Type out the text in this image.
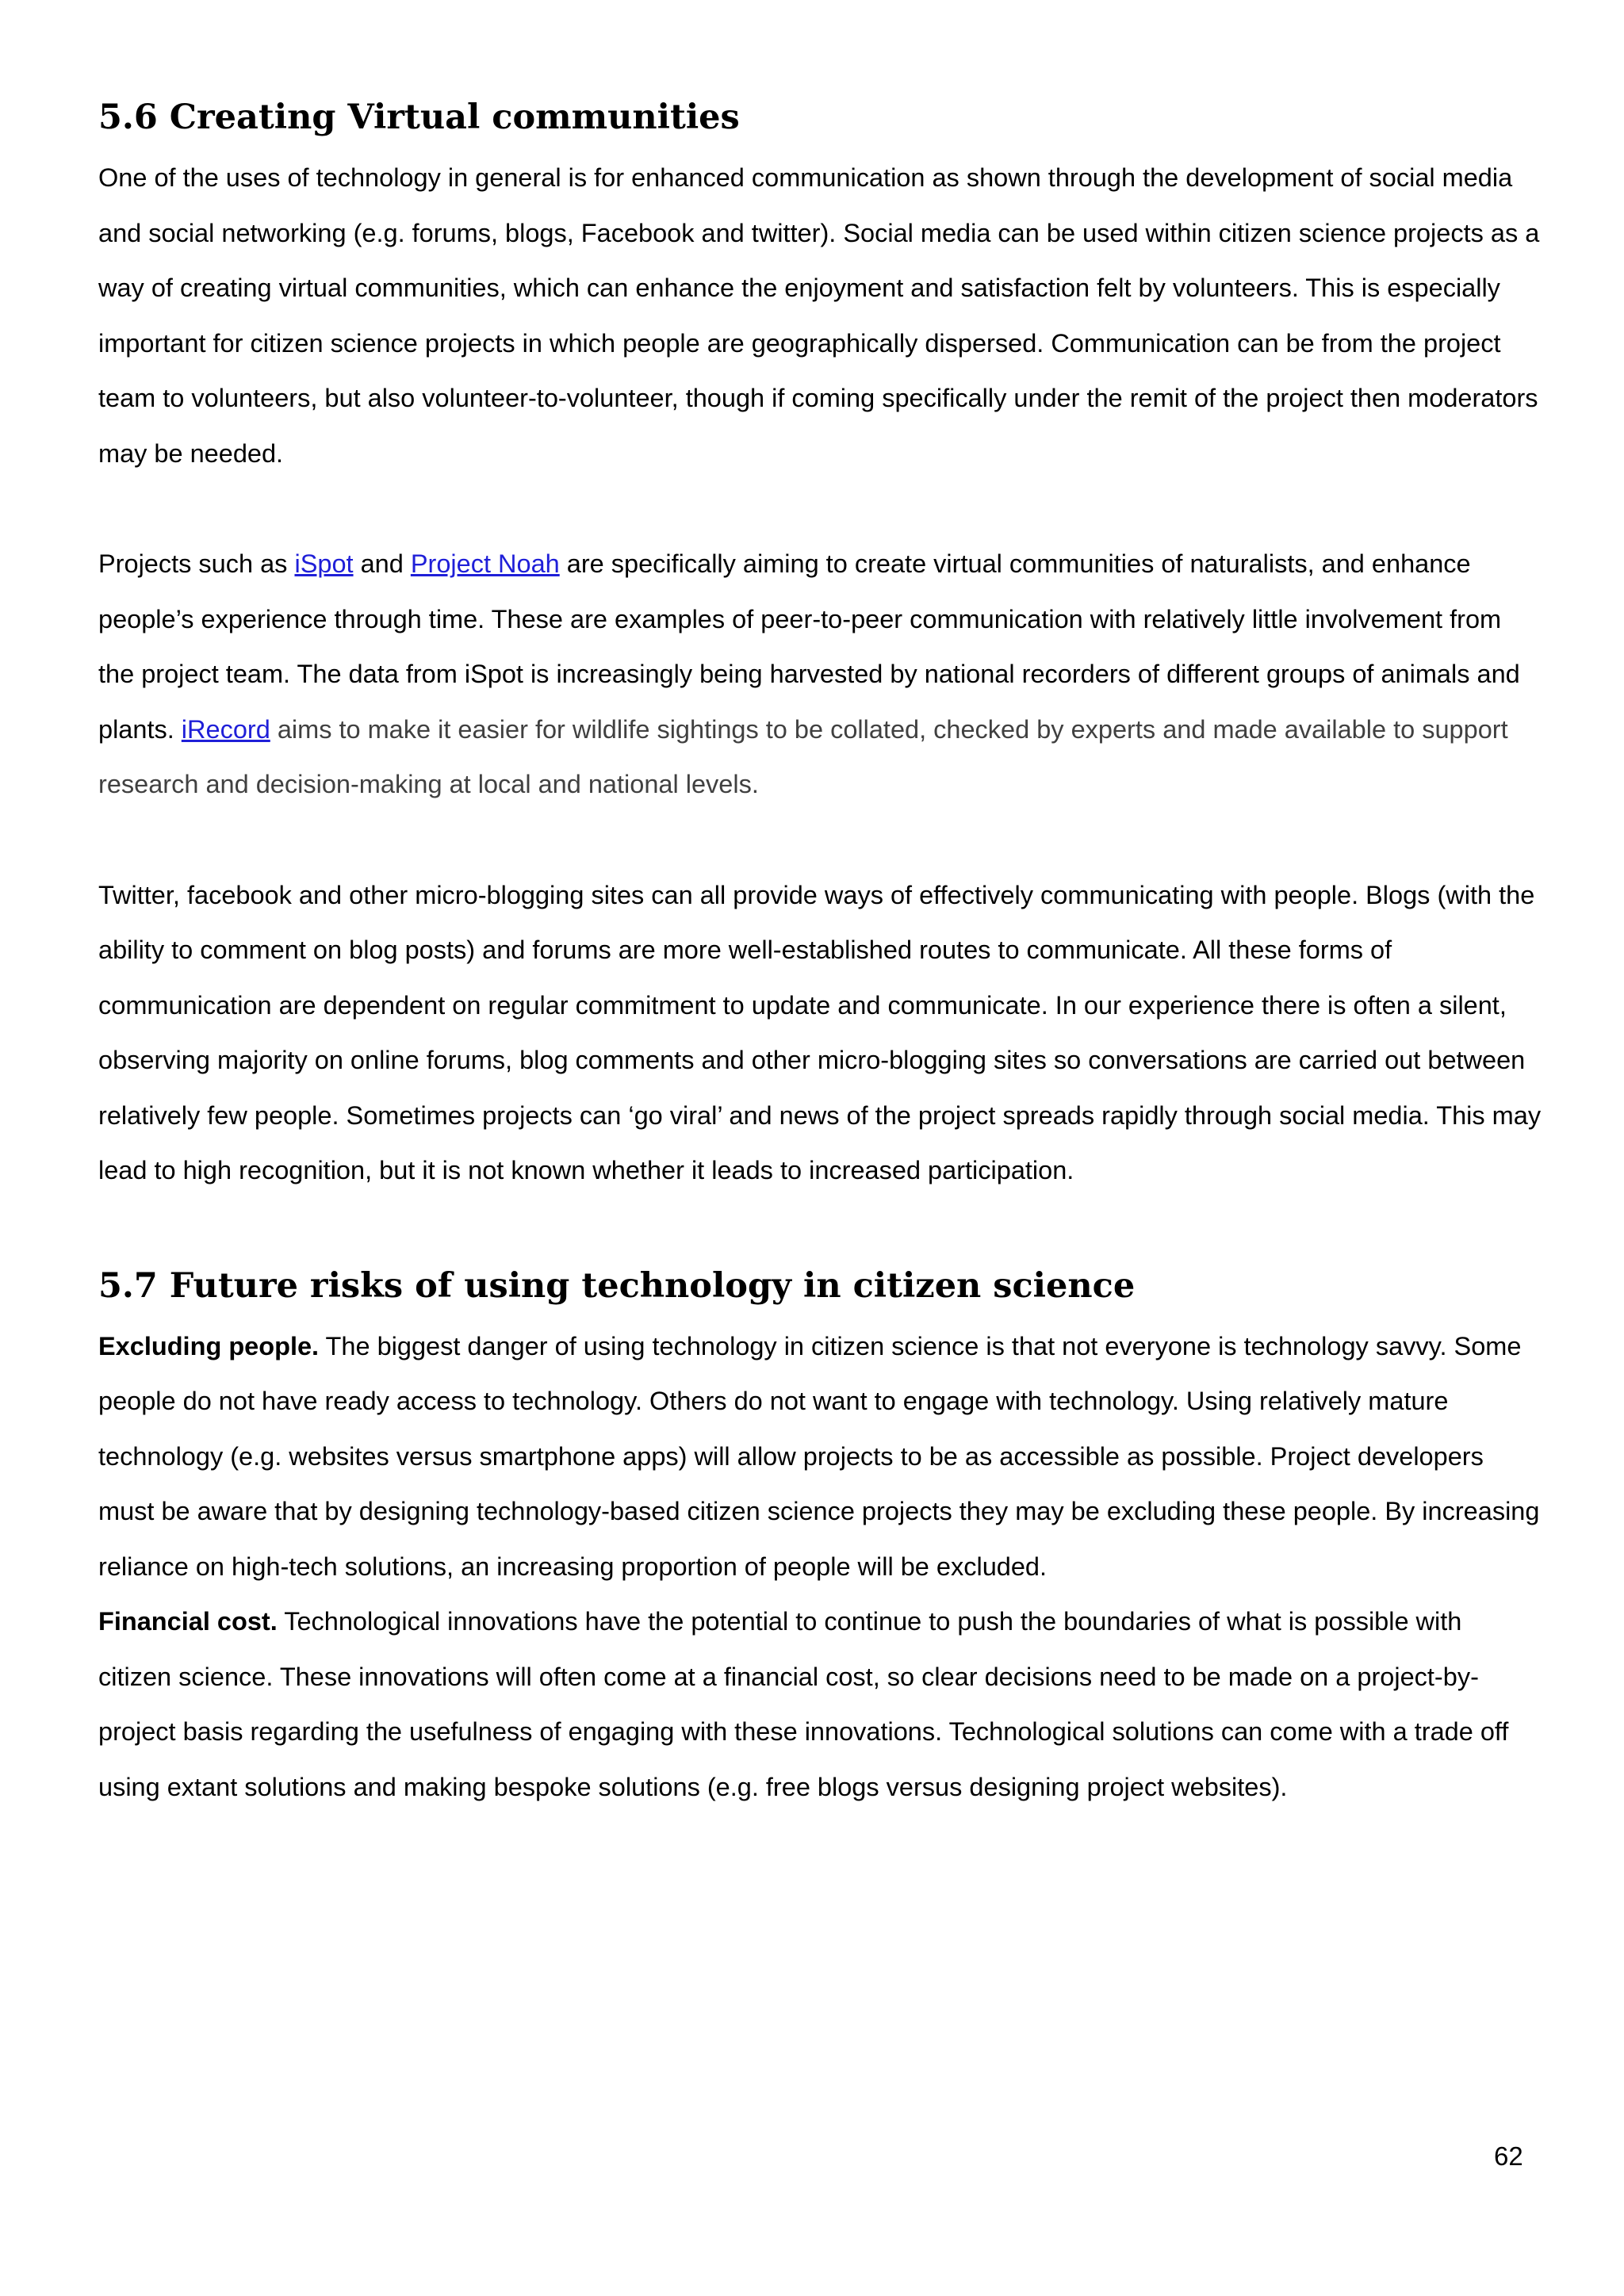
5.6 Creating Virtual communities

One of the uses of technology in general is for enhanced communication as shown through the development of social media and social networking (e.g. forums, blogs, Facebook and twitter). Social media can be used within citizen science projects as a way of creating virtual communities, which can enhance the enjoyment and satisfaction felt by volunteers. This is especially important for citizen science projects in which people are geographically dispersed. Communication can be from the project team to volunteers, but also volunteer-to-volunteer, though if coming specifically under the remit of the project then moderators may be needed.

Projects such as iSpot and Project Noah are specifically aiming to create virtual communities of naturalists, and enhance people’s experience through time. These are examples of peer-to-peer communication with relatively little involvement from the project team. The data from iSpot is increasingly being harvested by national recorders of different groups of animals and plants. iRecord aims to make it easier for wildlife sightings to be collated, checked by experts and made available to support research and decision-making at local and national levels.

Twitter, facebook and other micro-blogging sites can all provide ways of effectively communicating with people. Blogs (with the ability to comment on blog posts) and forums are more well-established routes to communicate. All these forms of communication are dependent on regular commitment to update and communicate. In our experience there is often a silent, observing majority on online forums, blog comments and other micro-blogging sites so conversations are carried out between relatively few people. Sometimes projects can ‘go viral’ and news of the project spreads rapidly through social media. This may lead to high recognition, but it is not known whether it leads to increased participation.

5.7 Future risks of using technology in citizen science

Excluding people. The biggest danger of using technology in citizen science is that not everyone is technology savvy. Some people do not have ready access to technology. Others do not want to engage with technology. Using relatively mature technology (e.g. websites versus smartphone apps) will allow projects to be as accessible as possible. Project developers must be aware that by designing technology-based citizen science projects they may be excluding these people. By increasing reliance on high-tech solutions, an increasing proportion of people will be excluded.

Financial cost. Technological innovations have the potential to continue to push the boundaries of what is possible with citizen science. These innovations will often come at a financial cost, so clear decisions need to be made on a project-by-project basis regarding the usefulness of engaging with these innovations. Technological solutions can come with a trade off using extant solutions and making bespoke solutions (e.g. free blogs versus designing project websites).

62
